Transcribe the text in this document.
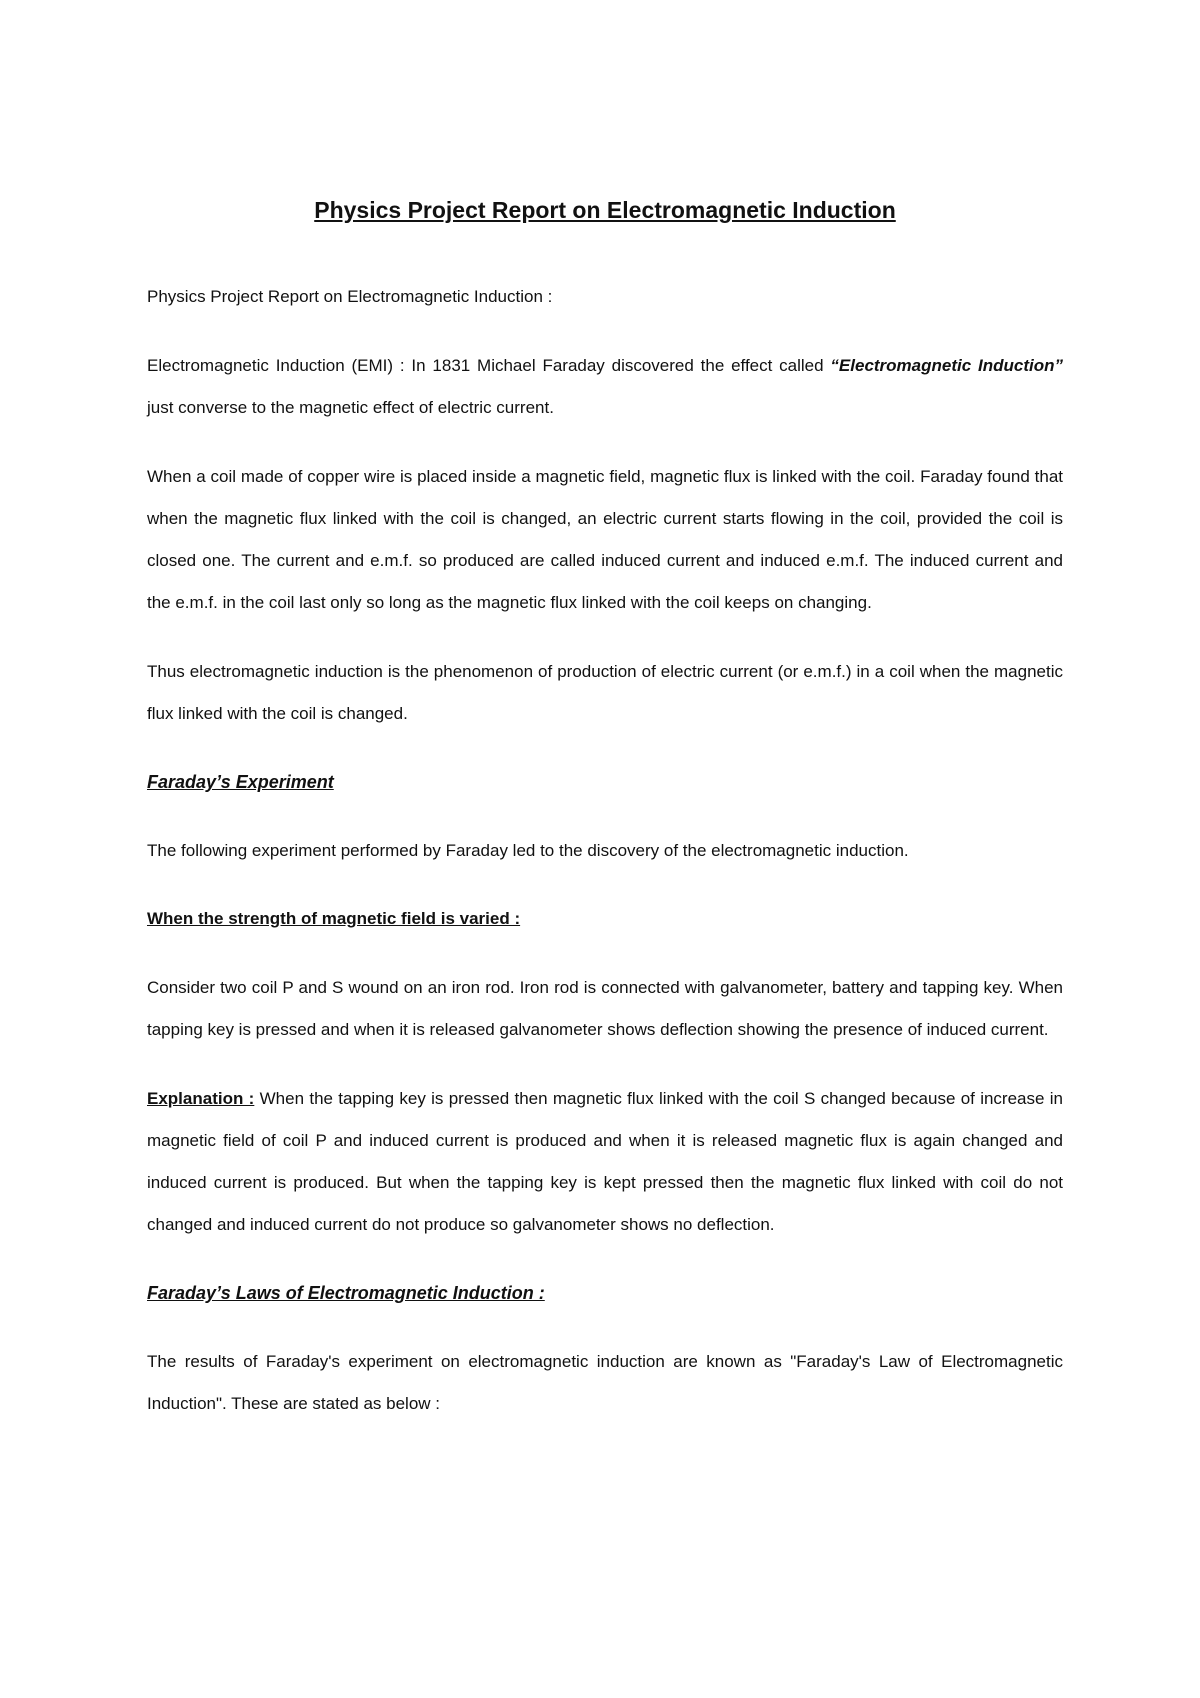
Physics Project Report on Electromagnetic Induction

Physics Project Report on Electromagnetic Induction :

Electromagnetic Induction (EMI) : In 1831 Michael Faraday discovered the effect called “Electromagnetic Induction” just converse to the magnetic effect of electric current.

When a coil made of copper wire is placed inside a magnetic field, magnetic flux is linked with the coil. Faraday found that when the magnetic flux linked with the coil is changed, an electric current starts flowing in the coil, provided the coil is closed one. The current and e.m.f. so produced are called induced current and induced e.m.f. The induced current and the e.m.f. in the coil last only so long as the magnetic flux linked with the coil keeps on changing.

Thus electromagnetic induction is the phenomenon of production of electric current (or e.m.f.) in a coil when the magnetic flux linked with the coil is changed.

Faraday’s Experiment

The following experiment performed by Faraday led to the discovery of the electromagnetic induction.

When the strength of magnetic field is varied :

Consider two coil P and S wound on an iron rod. Iron rod is connected with galvanometer, battery and tapping key. When tapping key is pressed and when it is released galvanometer shows deflection showing the presence of induced current.

Explanation : When the tapping key is pressed then magnetic flux linked with the coil S changed because of increase in magnetic field of coil P and induced current is produced and when it is released magnetic flux is again changed and induced current is produced. But when the tapping key is kept pressed then the magnetic flux linked with coil do not changed and induced current do not produce so galvanometer shows no deflection.

Faraday’s Laws of Electromagnetic Induction :

The results of Faraday's experiment on electromagnetic induction are known as "Faraday's Law of Electromagnetic Induction". These are stated as below :
